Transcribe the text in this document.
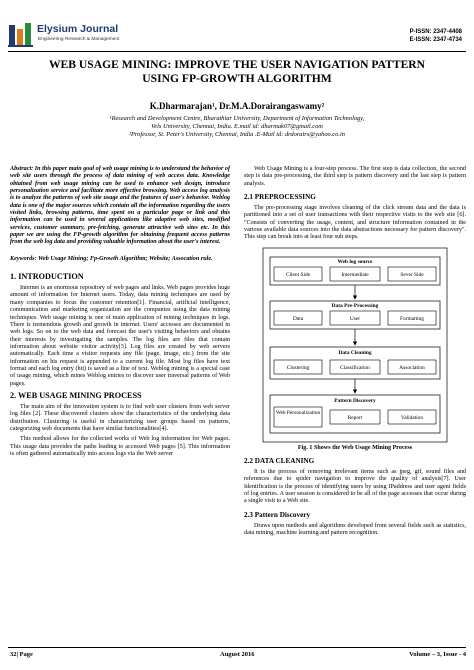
Elysium Journal
Engineering Research & Management
P-ISSN: 2347-4408
E-ISSN: 2347-4734
WEB USAGE MINING: IMPROVE THE USER NAVIGATION PATTERN
USING FP-GROWTH ALGORITHM
K.Dharmarajan¹, Dr.M.A.Dorairangaswamy²
¹Research and Development Centre, Bharathiar University, Department of Information Technology,
Vels University, Chennai, India. E.mail id: dharmak07@gmail.com
²Professor, St. Peter's University, Chennai, India .E-Mail id: drdorairs@yahoo.co.in

Abstract: In this paper main goal of web usage mining is to understand the behavior of web site users through the process of data mining of web access data. Knowledge obtained from web usage mining can be used to enhance web design, introduce personalization service and facilitate more effective browsing. Web access log analysis is to analyze the patterns of web site usage and the features of user's behavior. Weblog data is one of the major sources which contain all the information regarding the users visited links, browsing patterns, time spent on a particular page or link and this information can be used in several applications like adaptive web sites, modified services, customer summary, pre-fetching, generate attractive web sites etc. In this paper we are using the FP-growth algorithm for obtaining frequent access patterns from the web log data and providing valuable information about the user's interest.

Keywords: Web Usage Mining; Fp-Growth Algorithm; Website; Assocation rule.

1. INTRODUCTION

Internet is an enormous repository of web pages and links. Web pages provides huge amount of information for Internet users. Today, data mining techniques are used by many companies to focus the customer retention[1]. Financial, artificial intelligence, communication and marketing organization are the companies using the data mining techniques. Web usage mining is one of main application of mining techniques in logs. There is tremendous growth and growth in internet. Users' accesses are documented in web logs. So on to the web data and forecast the user's visiting behaviors and obtains their interests by investigating the samples. The log files are files that contain information about website visitor activity[3]. Log files are created by web servers automatically. Each time a visitor requests any file (page, image, etc.) from the site information on his request is appended to a current log file. Most log files have text format and each log entry (hit) is saved as a line of text. Weblog mining is a special case of usage mining, which mines Weblog entries to discover user traversal patterns of Web pages.

2. WEB USAGE MINING PROCESS

The main aim of the innovation system is to find web user clusters from web server log files [2]. These discovered clusters show the characteristics of the underlying data distribution. Clustering is useful in characterizing user groups based on patterns, categorizing web documents that have similar functionalities[4].

This method allows for the collected works of Web log information for Web pages. This usage data provides the paths leading to accessed Web pages [5]. This information is often gathered automatically into access logs via the Web server

Web Usage Mining is a four-step process. The first step is data collection, the second step is data pre-processing, the third step is pattern discovery and the last step is pattern analysis.

2.1 PREPROCESSING

The pre-processing stage involves cleaning of the click stream data and the data is partitioned into a set of user transactions with their respective visits to the web site [6]. "Consists of converting the usage, content, and structure information contained in the various available data sources into the data abstractions necessary for pattern discovery". This step can break into at least four sub steps.

Web log source
Client Side	Intermediate	Sever Side
Data Pre-Processing
Data	User	Formatting
Data Cleaning
Clustering	Classification	Association
Pattern Discovery
Web Personalization
Report	Validation
Fig. 1 Shows the Web Usage Mining Process
2.2 DATA CLEANING

It is the process of removing irrelevant items such as jpeg, gif, sound files and references due to spider navigation to improve the quality of analysis[7]. User Identification is the process of identifying users by using IPaddress and user agent fields of log entries. A user session is considered to be all of the page accesses that occur during a single visit to a Web site.

2.3 Pattern Discovery

Draws upon methods and algorithms developed from several fields such as statistics, data mining, machine learning and pattern recognition.

32| Page	August 2016	Volume – 3, Issue - 4
